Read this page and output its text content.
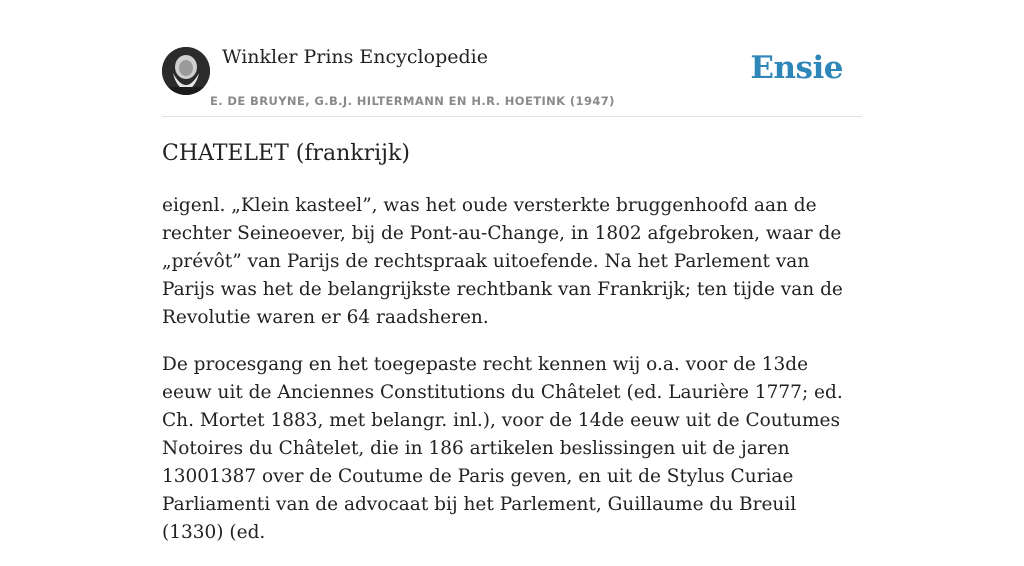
Winkler Prins Encyclopedie
E. DE BRUYNE, G.B.J. HILTERMANN EN H.R. HOETINK (1947)
Ensie
CHATELET (frankrijk)

eigenl. „Klein kasteel”, was het oude versterkte bruggenhoofd aan de rechter Seineoever, bij de Pont-au-Change, in 1802 afgebroken, waar de „prévôt” van Parijs de rechtspraak uitoefende. Na het Parlement van Parijs was het de belangrijkste rechtbank van Frankrijk; ten tijde van de Revolutie waren er 64 raadsheren.

De procesgang en het toegepaste recht kennen wij o.a. voor de 13de eeuw uit de Anciennes Constitutions du Châtelet (ed. Laurière 1777; ed. Ch. Mortet 1883, met belangr. inl.), voor de 14de eeuw uit de Coutumes Notoires du Châtelet, die in 186 artikelen beslissingen uit de jaren 13001387 over de Coutume de Paris geven, en uit de Stylus Curiae Parliamenti van de advocaat bij het Parlement, Guillaume du Breuil (1330) (ed.
